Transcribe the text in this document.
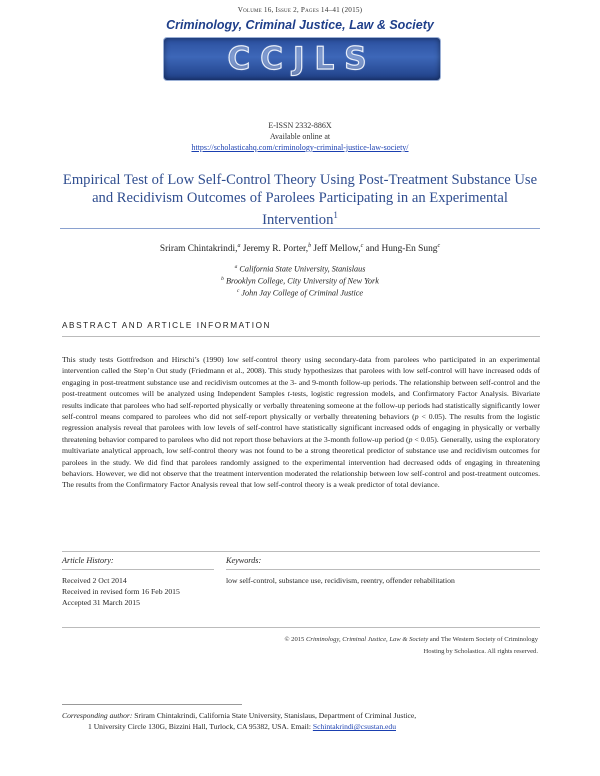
Volume 16, Issue 2, Pages 14–41 (2015)
Criminology, Criminal Justice, Law & Society
CCJLS
E-ISSN 2332-886X
Available online at
https://scholasticahq.com/criminology-criminal-justice-law-society/
Empirical Test of Low Self-Control Theory Using Post-Treatment Substance Use and Recidivism Outcomes of Parolees Participating in an Experimental Intervention$^1$
Sriram Chintakrindi,$^a$ Jeremy R. Porter,$^b$ Jeff Mellow,$^c$ and Hung-En Sung$^c$
$^a$ California State University, Stanislaus
$^b$ Brooklyn College, City University of New York
$^c$ John Jay College of Criminal Justice
ABSTRACT AND ARTICLE INFORMATION
This study tests Gottfredson and Hirschi’s (1990) low self-control theory using secondary-data from parolees who participated in an experimental intervention called the Step’n Out study (Friedmann et al., 2008). This study hypothesizes that parolees with low self-control will have increased odds of engaging in post-treatment substance use and recidivism outcomes at the 3- and 9-month follow-up periods. The relationship between self-control and the post-treatment outcomes will be analyzed using Independent Samples t-tests, logistic regression models, and Confirmatory Factor Analysis. Bivariate results indicate that parolees who had self-reported physically or verbally threatening someone at the follow-up periods had statistically significantly lower self-control means compared to parolees who did not self-report physically or verbally threatening behaviors (p < 0.05). The results from the logistic regression analysis reveal that parolees with low levels of self-control have statistically significant increased odds of engaging in physically or verbally threatening behavior compared to parolees who did not report those behaviors at the 3-month follow-up period (p < 0.05). Generally, using the exploratory multivariate analytical approach, low self-control theory was not found to be a strong theoretical predictor of substance use and recidivism outcomes for parolees in the study. We did find that parolees randomly assigned to the experimental intervention had decreased odds of engaging in threatening behaviors. However, we did not observe that the treatment intervention moderated the relationship between low self-control and post-treatment outcomes. The results from the Confirmatory Factor Analysis reveal that low self-control theory is a weak predictor of total deviance.
Article History:	Keywords:
Received 2 Oct 2014
Received in revised form 16 Feb 2015
Accepted 31 March 2015
low self-control, substance use, recidivism, reentry, offender rehabilitation
© 2015 Criminology, Criminal Justice, Law & Society and The Western Society of Criminology
Hosting by Scholastica. All rights reserved.
Corresponding author: Sriram Chintakrindi, California State University, Stanislaus, Department of Criminal Justice,
1 University Circle 130G, Bizzini Hall, Turlock, CA 95382, USA. Email: Schintakrindi@csustan.edu
